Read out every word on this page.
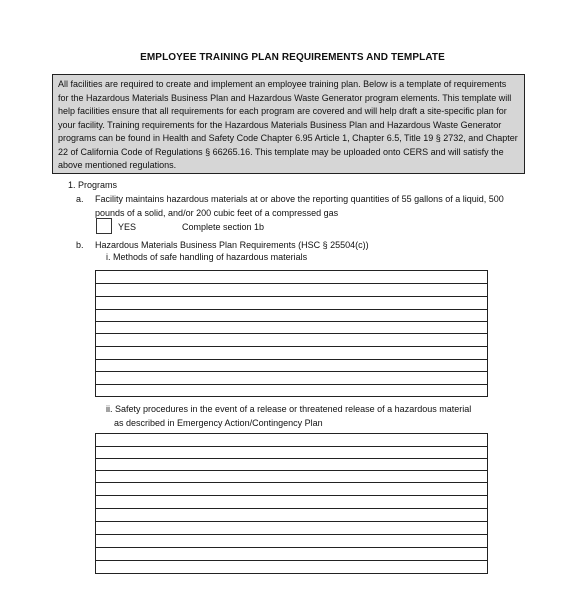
EMPLOYEE TRAINING PLAN REQUIREMENTS AND TEMPLATE
All facilities are required to create and implement an employee training plan. Below is a template of requirements
for the Hazardous Materials Business Plan and Hazardous Waste Generator program elements. This template will
help facilities ensure that all requirements for each program are covered and will help draft a site-specific plan for
your facility. Training requirements for the Hazardous Materials Business Plan and Hazardous Waste Generator
programs can be found in Health and Safety Code Chapter 6.95 Article 1, Chapter 6.5, Title 19 § 2732, and Chapter
22 of California Code of Regulations § 66265.16. This template may be uploaded onto CERS and will satisfy the
above mentioned regulations.
1. Programs
a. Facility maintains hazardous materials at or above the reporting quantities of 55 gallons of a liquid, 500
pounds of a solid, and/or 200 cubic feet of a compressed gas
YES	Complete section 1b
b. Hazardous Materials Business Plan Requirements (HSC § 25504(c))
i. Methods of safe handling of hazardous materials
ii. Safety procedures in the event of a release or threatened release of a hazardous material
as described in Emergency Action/Contingency Plan
